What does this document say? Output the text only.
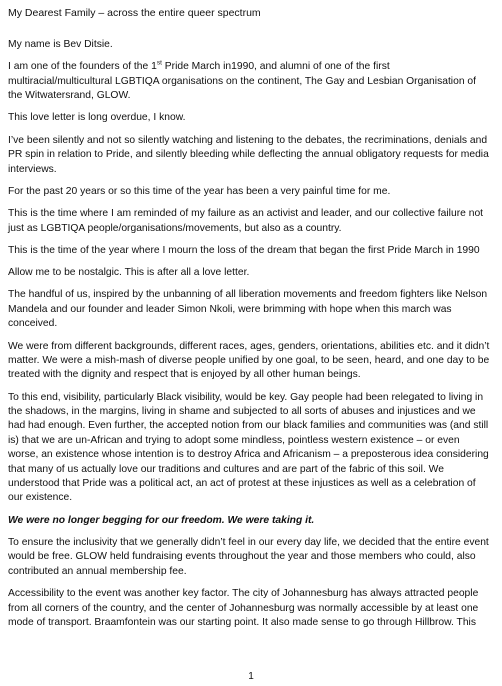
My Dearest Family – across the entire queer spectrum

My name is Bev Ditsie.

I am one of the founders of the 1st Pride March in1990, and alumni of one of the first multiracial/multicultural LGBTIQA organisations on the continent, The Gay and Lesbian Organisation of the Witwatersrand, GLOW.

This love letter is long overdue, I know.

I’ve been silently and not so silently watching and listening to the debates, the recriminations, denials and PR spin in relation to Pride, and silently bleeding while deflecting the annual obligatory requests for media interviews.

For the past 20 years or so this time of the year has been a very painful time for me.

This is the time where I am reminded of my failure as an activist and leader, and our collective failure not just as LGBTIQA people/organisations/movements, but also as a country.

This is the time of the year where I mourn the loss of the dream that began the first Pride March in 1990

Allow me to be nostalgic. This is after all a love letter.

The handful of us, inspired by the unbanning of all liberation movements and freedom fighters like Nelson Mandela and our founder and leader Simon Nkoli, were brimming with hope when this march was conceived.

We were from different backgrounds, different races, ages, genders, orientations, abilities etc. and it didn’t matter. We were a mish-mash of diverse people unified by one goal, to be seen, heard, and one day to be treated with the dignity and respect that is enjoyed by all other human beings.

To this end, visibility, particularly Black visibility, would be key. Gay people had been relegated to living in the shadows, in the margins, living in shame and subjected to all sorts of abuses and injustices and we had had enough. Even further, the accepted notion from our black families and communities was (and still is) that we are un-African and trying to adopt some mindless, pointless western existence – or even worse, an existence whose intention is to destroy Africa and Africanism – a preposterous idea considering that many of us actually love our traditions and cultures and are part of the fabric of this soil. We understood that Pride was a political act, an act of protest at these injustices as well as a celebration of our existence.

We were no longer begging for our freedom. We were taking it.

To ensure the inclusivity that we generally didn’t feel in our every day life, we decided that the entire event would be free. GLOW held fundraising events throughout the year and those members who could, also contributed an annual membership fee.

Accessibility to the event was another key factor. The city of Johannesburg has always attracted people from all corners of the country, and the center of Johannesburg was normally accessible by at least one mode of transport. Braamfontein was our starting point. It also made sense to go through Hillbrow. This

1
